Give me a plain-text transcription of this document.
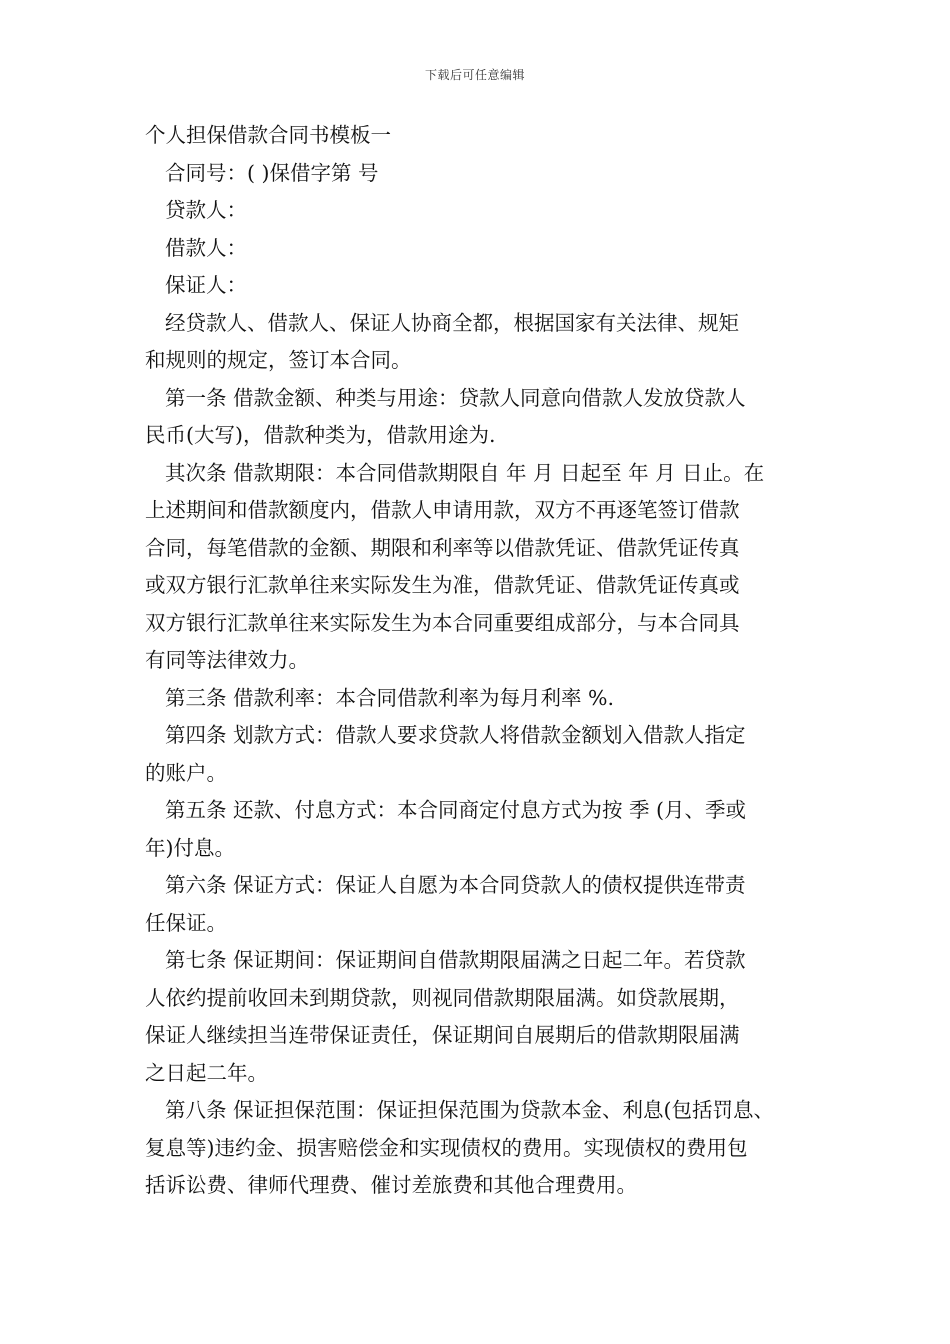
下载后可任意编辑
个人担保借款合同书模板一
合同号：( )保借字第 号
贷款人：
借款人：
保证人：
经贷款人、借款人、保证人协商全都，根据国家有关法律、规矩
和规则的规定，签订本合同。
第一条 借款金额、种类与用途：贷款人同意向借款人发放贷款人
民币(大写)，借款种类为，借款用途为.
其次条 借款期限：本合同借款期限自 年 月 日起至 年 月 日止。在
上述期间和借款额度内，借款人申请用款，双方不再逐笔签订借款
合同，每笔借款的金额、期限和利率等以借款凭证、借款凭证传真
或双方银行汇款单往来实际发生为准，借款凭证、借款凭证传真或
双方银行汇款单往来实际发生为本合同重要组成部分，与本合同具
有同等法律效力。
第三条 借款利率：本合同借款利率为每月利率 %.
第四条 划款方式：借款人要求贷款人将借款金额划入借款人指定
的账户。
第五条 还款、付息方式：本合同商定付息方式为按 季 (月、季或
年)付息。
第六条 保证方式：保证人自愿为本合同贷款人的债权提供连带责
任保证。
第七条 保证期间：保证期间自借款期限届满之日起二年。若贷款
人依约提前收回未到期贷款，则视同借款期限届满。如贷款展期，
保证人继续担当连带保证责任，保证期间自展期后的借款期限届满
之日起二年。
第八条 保证担保范围：保证担保范围为贷款本金、利息(包括罚息、
复息等)违约金、损害赔偿金和实现债权的费用。实现债权的费用包
括诉讼费、律师代理费、催讨差旅费和其他合理费用。
